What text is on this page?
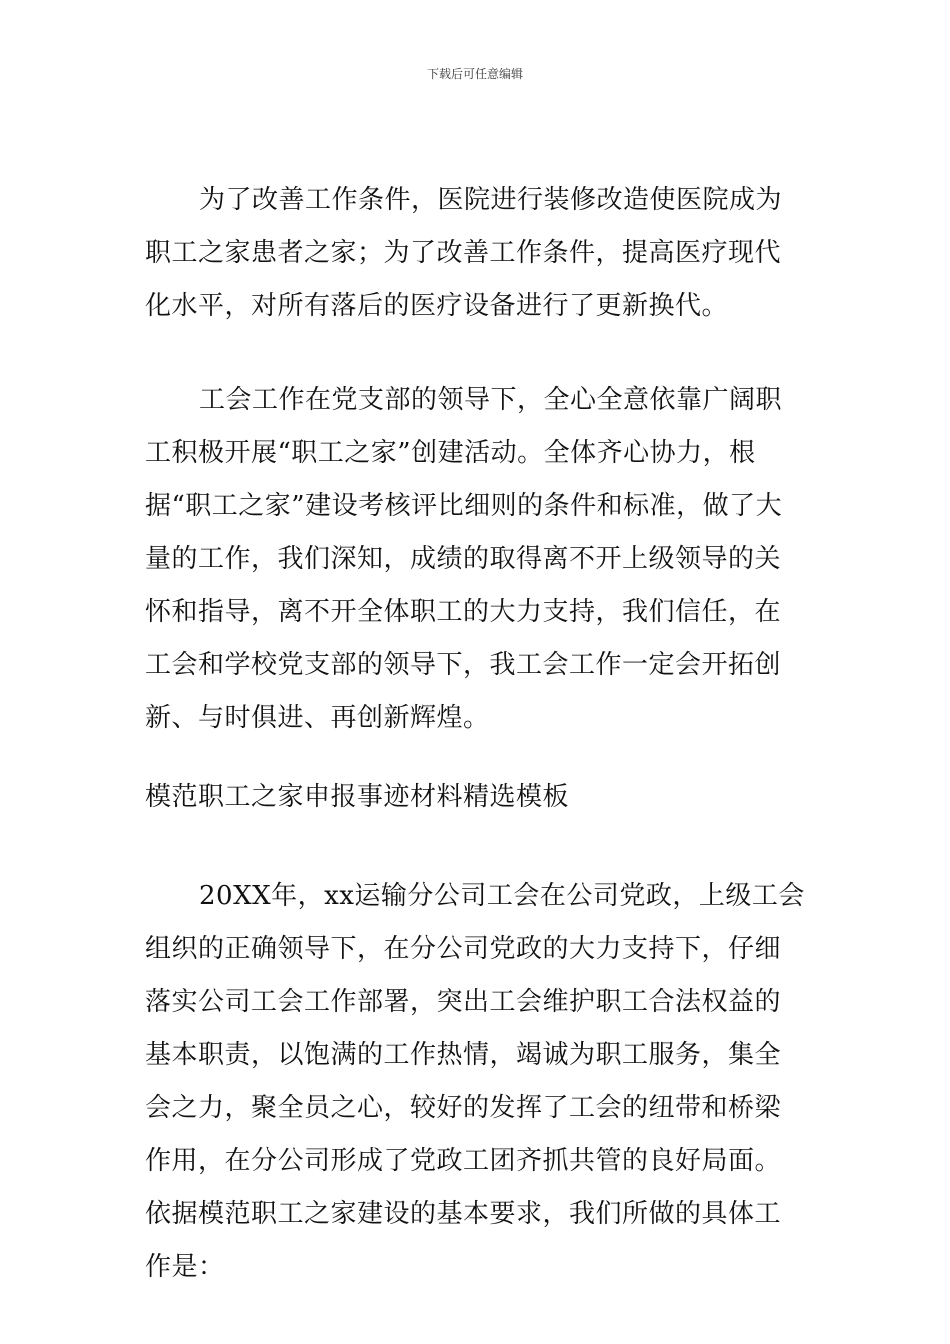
下载后可任意编辑

为了改善工作条件，医院进行装修改造使医院成为职工之家患者之家；为了改善工作条件，提高医疗现代化水平，对所有落后的医疗设备进行了更新换代。

工会工作在党支部的领导下，全心全意依靠广阔职工积极开展“职工之家”创建活动。全体齐心协力，根据“职工之家”建设考核评比细则的条件和标准，做了大量的工作，我们深知，成绩的取得离不开上级领导的关怀和指导，离不开全体职工的大力支持，我们信任，在工会和学校党支部的领导下，我工会工作一定会开拓创新、与时俱进、再创新辉煌。

模范职工之家申报事迹材料精选模板

20XX年，xx运输分公司工会在公司党政，上级工会组织的正确领导下，在分公司党政的大力支持下，仔细落实公司工会工作部署，突出工会维护职工合法权益的基本职责，以饱满的工作热情，竭诚为职工服务，集全会之力，聚全员之心，较好的发挥了工会的纽带和桥梁作用，在分公司形成了党政工团齐抓共管的良好局面。依据模范职工之家建设的基本要求，我们所做的具体工作是：
